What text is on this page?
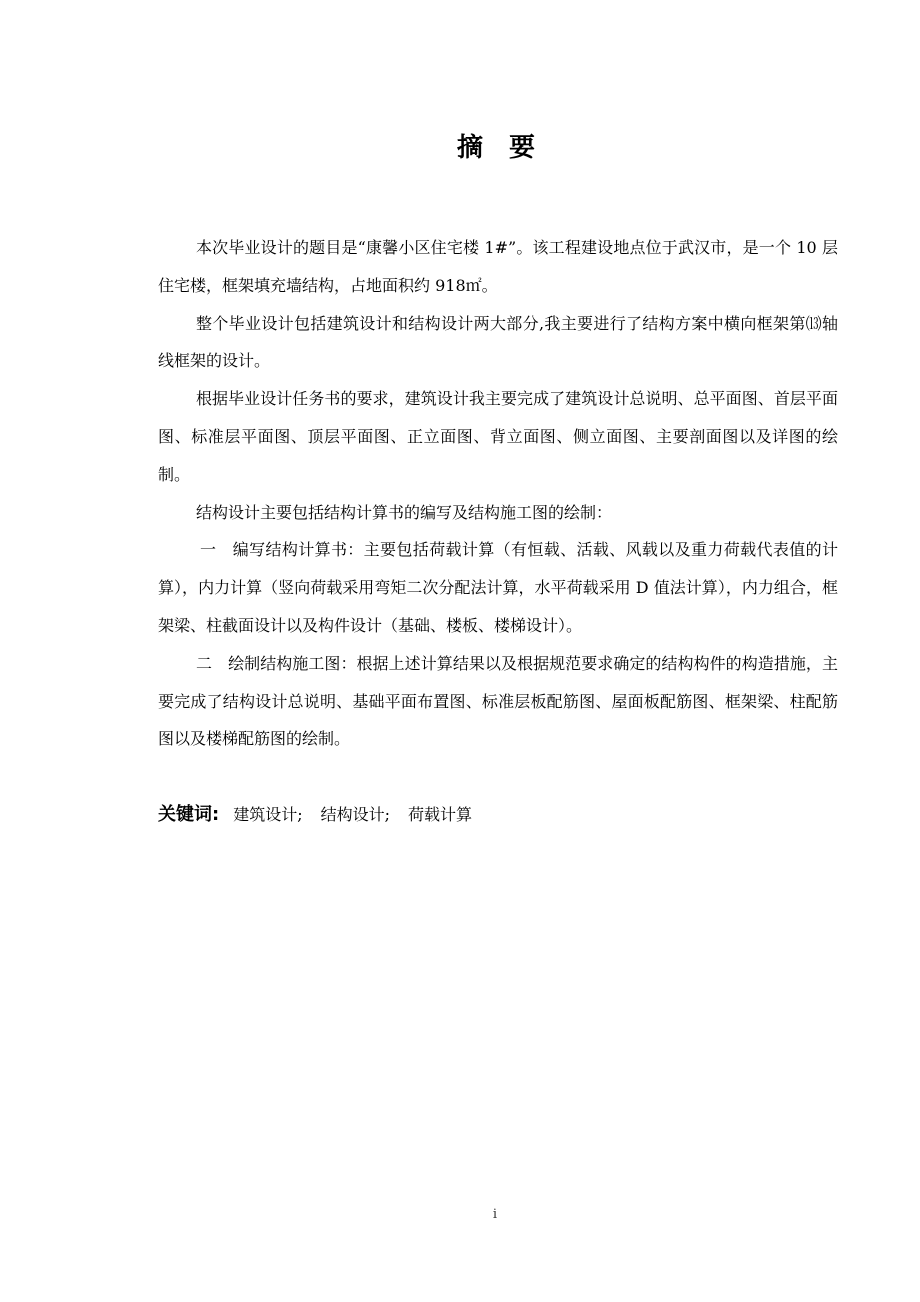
摘 要

本次毕业设计的题目是“康馨小区住宅楼 1#”。该工程建设地点位于武汉市，是一个 10 层住宅楼，框架填充墙结构，占地面积约 918㎡。

整个毕业设计包括建筑设计和结构设计两大部分,我主要进行了结构方案中横向框架第⒀轴线框架的设计。

根据毕业设计任务书的要求，建筑设计我主要完成了建筑设计总说明、总平面图、首层平面图、标准层平面图、顶层平面图、正立面图、背立面图、侧立面图、主要剖面图以及详图的绘制。

结构设计主要包括结构计算书的编写及结构施工图的绘制：

一　编写结构计算书：主要包括荷载计算（有恒载、活载、风载以及重力荷载代表值的计算），内力计算（竖向荷载采用弯矩二次分配法计算，水平荷载采用 D 值法计算），内力组合，框架梁、柱截面设计以及构件设计（基础、楼板、楼梯设计）。

二　绘制结构施工图：根据上述计算结果以及根据规范要求确定的结构构件的构造措施，主要完成了结构设计总说明、基础平面布置图、标准层板配筋图、屋面板配筋图、框架梁、柱配筋图以及楼梯配筋图的绘制。

关键词: 建筑设计; 结构设计; 荷载计算
i
